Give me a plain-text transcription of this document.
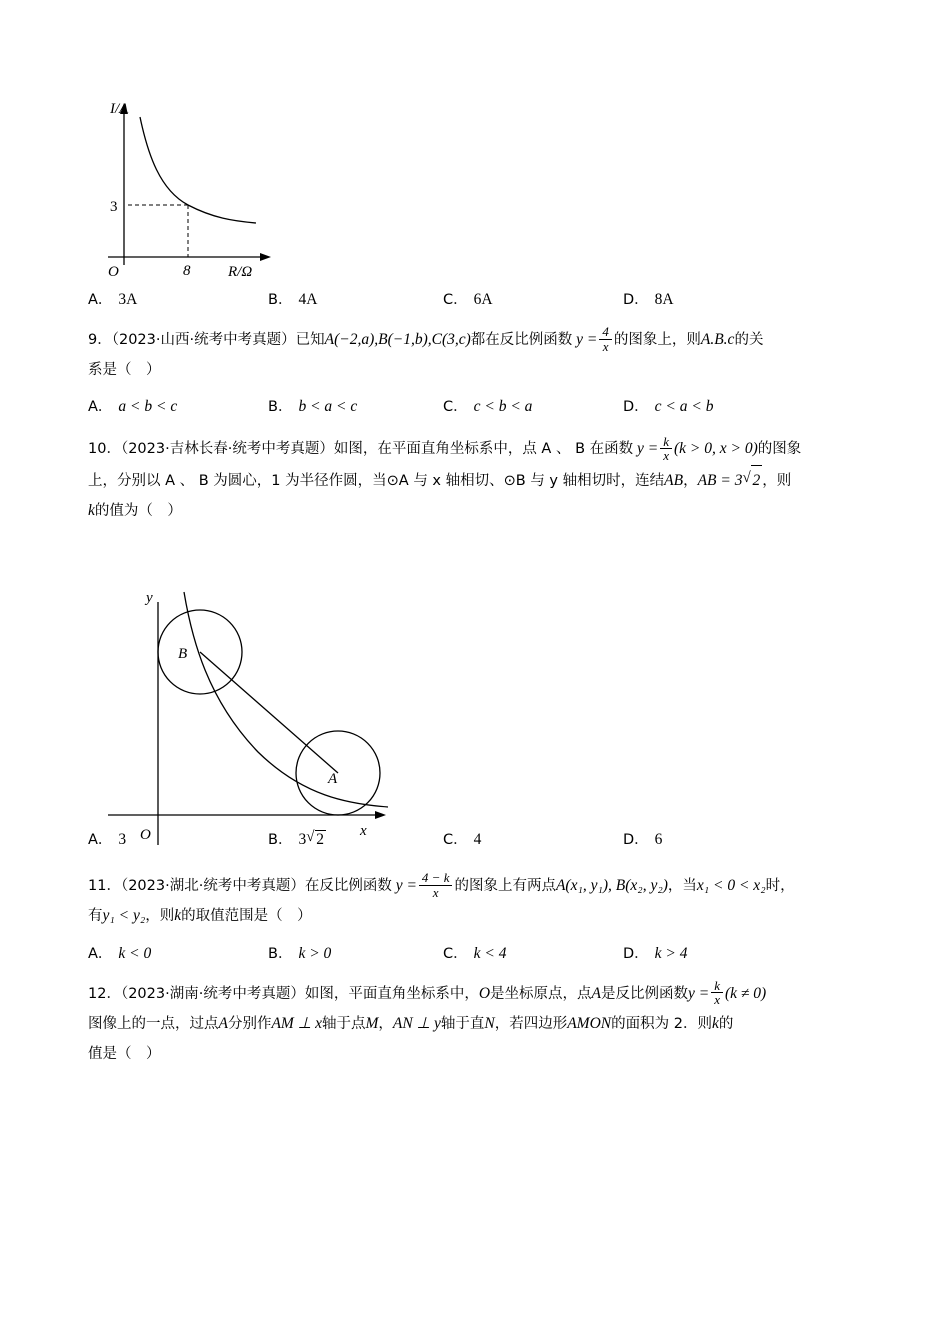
I/A
3
8
O	R/Ω
A． 3A	B． 4A	C． 6A	D． 8A
9．（2023·山西·统考中考真题）已知A(−2,a),B(−1,b),C(3,c)都在反比例函数 $y = \frac{4}{x}$ 的图象上，则A.B.c的关
系是（　）
A． a < b < c	B． b < a < c	C． c < b < a	D． c < a < b
10．（2023·吉林长春·统考中考真题）如图，在平面直角坐标系中，点 A 、 B 在函数 $y = \frac{k}{x} (k > 0$, x > 0)的图象
上，分别以 A 、 B 为圆心，1 为半径作圆，当⊙A 与 x 轴相切、⊙B 与 y 轴相切时，连结AB，AB = 3 √ 2 ，则
k的值为（　）
A． 3	B． 3 √ 2	C． 4	D． 6
11．（2023·湖北·统考中考真题）在反比例函数 $y = \frac{4 - k}{x}$ 的图象上有两点A(x₁, y₁), B(x₂, y₂)，当x₁ < 0 < x₂时，
有y₁ < y₂，则k的取值范围是（　）
A． k < 0	B． k > 0	C． k < 4	D． k > 4
12．（2023·湖南·统考中考真题）如图，平面直角坐标系中，O是坐标原点，点A是反比例函数$y = \frac{k}{x} (k \ne 0)$
图像上的一点，过点A分别作AM ⊥ x轴于点M，AN ⊥ y轴于直N，若四边形AMON的面积为 2．则k的
值是（　）
y
x
O
B
A
